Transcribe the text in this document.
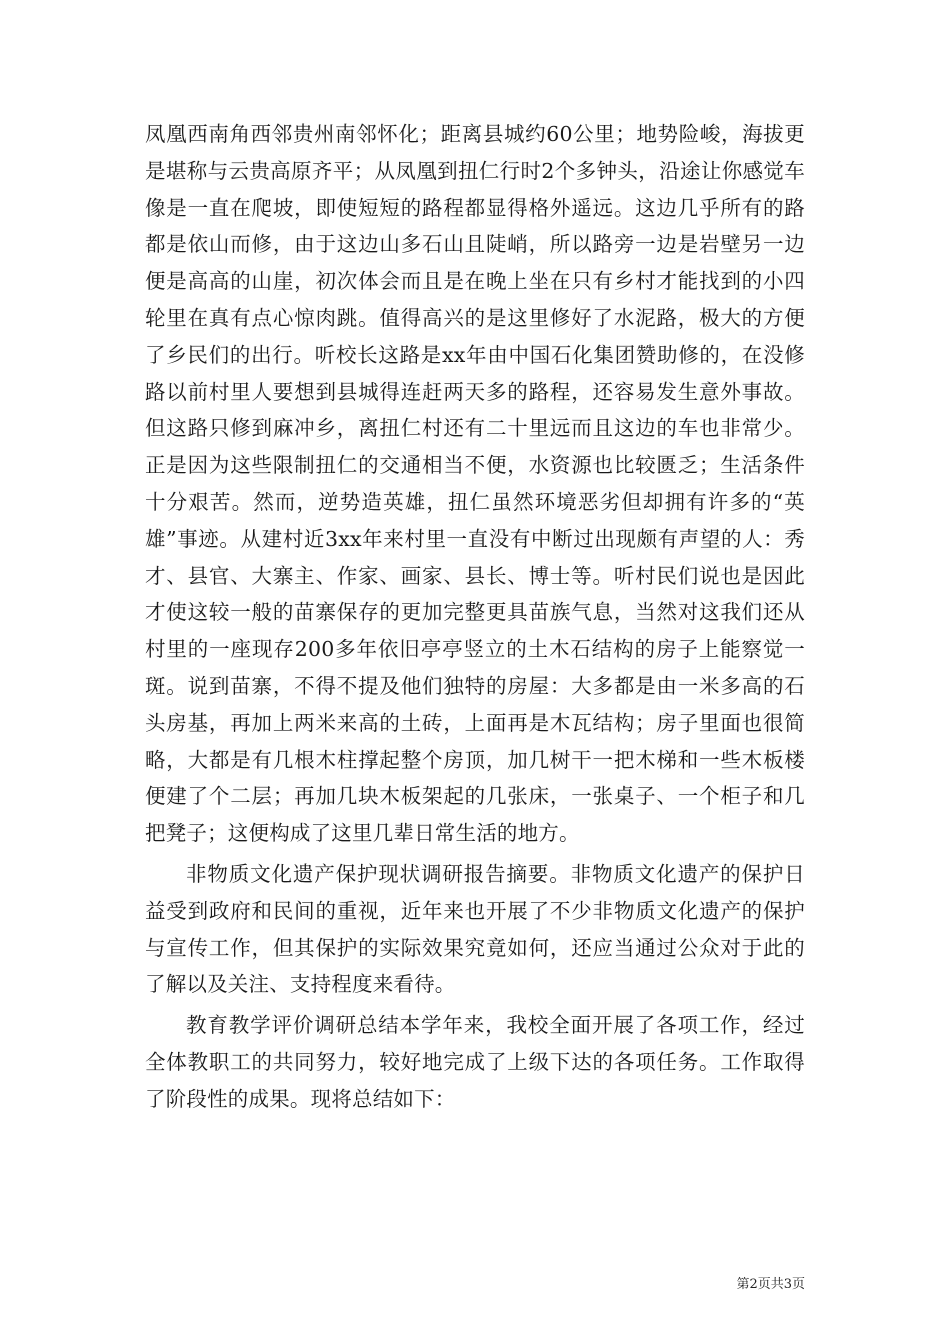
凤凰西南角西邻贵州南邻怀化；距离县城约60公里；地势险峻，海拔更是堪称与云贵高原齐平；从凤凰到扭仁行时2个多钟头，沿途让你感觉车像是一直在爬坡，即使短短的路程都显得格外遥远。这边几乎所有的路都是依山而修，由于这边山多石山且陡峭，所以路旁一边是岩壁另一边便是高高的山崖，初次体会而且是在晚上坐在只有乡村才能找到的小四轮里在真有点心惊肉跳。值得高兴的是这里修好了水泥路，极大的方便了乡民们的出行。听校长这路是xx年由中国石化集团赞助修的，在没修路以前村里人要想到县城得连赶两天多的路程，还容易发生意外事故。但这路只修到麻冲乡，离扭仁村还有二十里远而且这边的车也非常少。正是因为这些限制扭仁的交通相当不便，水资源也比较匮乏；生活条件十分艰苦。然而，逆势造英雄，扭仁虽然环境恶劣但却拥有许多的“英雄”事迹。从建村近3xx年来村里一直没有中断过出现颇有声望的人：秀才、县官、大寨主、作家、画家、县长、博士等。听村民们说也是因此才使这较一般的苗寨保存的更加完整更具苗族气息，当然对这我们还从村里的一座现存200多年依旧亭亭竖立的土木石结构的房子上能察觉一斑。说到苗寨，不得不提及他们独特的房屋：大多都是由一米多高的石头房基，再加上两米来高的土砖，上面再是木瓦结构；房子里面也很简略，大都是有几根木柱撑起整个房顶，加几树干一把木梯和一些木板楼便建了个二层；再加几块木板架起的几张床，一张桌子、一个柜子和几把凳子；这便构成了这里几辈日常生活的地方。

非物质文化遗产保护现状调研报告摘要。非物质文化遗产的保护日益受到政府和民间的重视，近年来也开展了不少非物质文化遗产的保护与宣传工作，但其保护的实际效果究竟如何，还应当通过公众对于此的了解以及关注、支持程度来看待。

教育教学评价调研总结本学年来，我校全面开展了各项工作，经过全体教职工的共同努力，较好地完成了上级下达的各项任务。工作取得了阶段性的成果。现将总结如下：

第2页共3页
